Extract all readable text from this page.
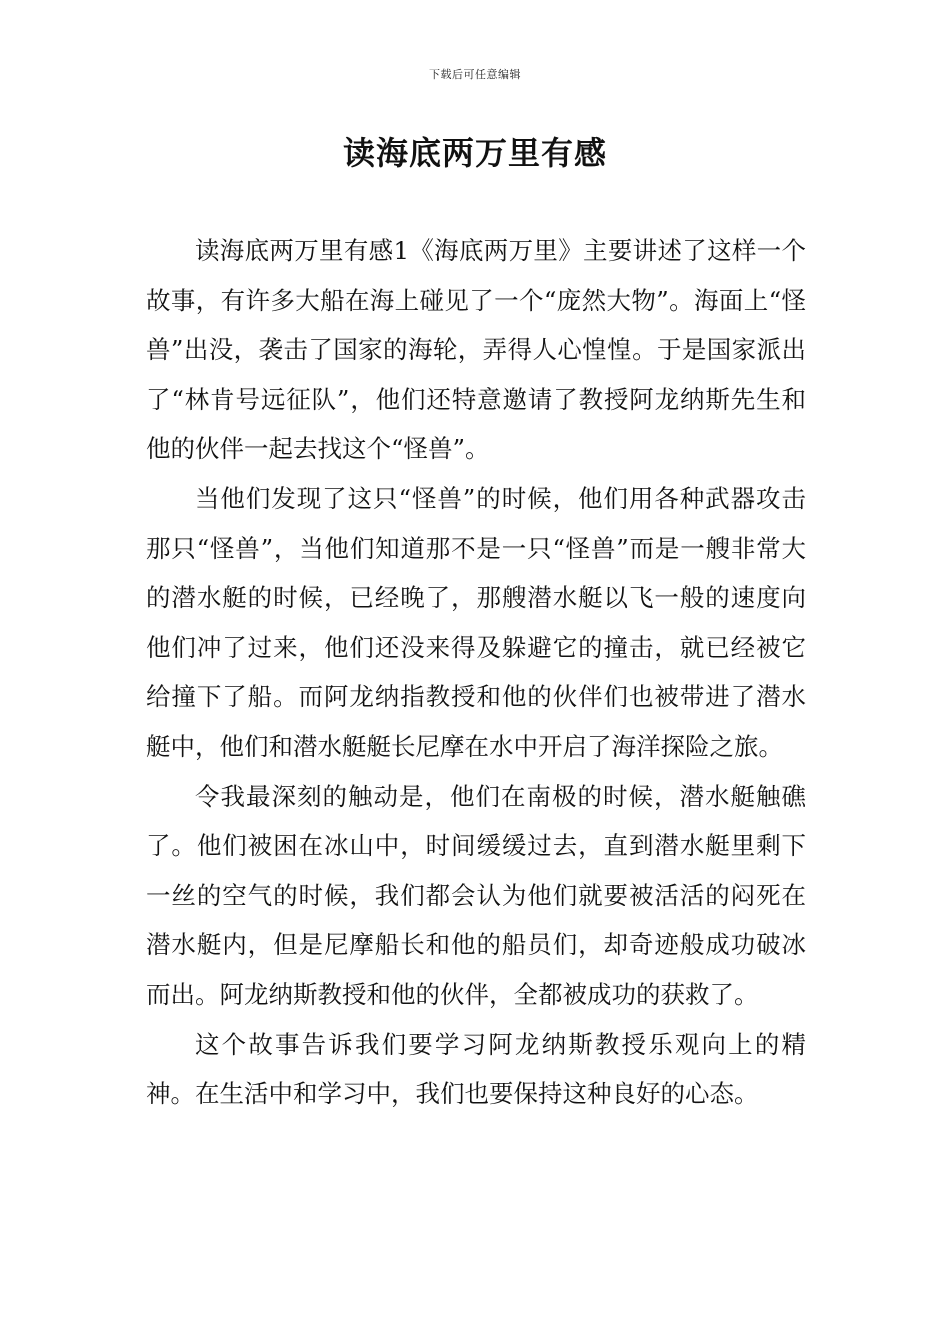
下载后可任意编辑
读海底两万里有感

读海底两万里有感1《海底两万里》主要讲述了这样一个故事，有许多大船在海上碰见了一个“庞然大物”。海面上“怪兽”出没，袭击了国家的海轮，弄得人心惶惶。于是国家派出了“林肯号远征队”，他们还特意邀请了教授阿龙纳斯先生和他的伙伴一起去找这个“怪兽”。

当他们发现了这只“怪兽”的时候，他们用各种武器攻击那只“怪兽”，当他们知道那不是一只“怪兽”而是一艘非常大的潜水艇的时候，已经晚了，那艘潜水艇以飞一般的速度向他们冲了过来，他们还没来得及躲避它的撞击，就已经被它给撞下了船。而阿龙纳指教授和他的伙伴们也被带进了潜水艇中，他们和潜水艇艇长尼摩在水中开启了海洋探险之旅。

令我最深刻的触动是，他们在南极的时候，潜水艇触礁了。他们被困在冰山中，时间缓缓过去，直到潜水艇里剩下一丝的空气的时候，我们都会认为他们就要被活活的闷死在潜水艇内，但是尼摩船长和他的船员们，却奇迹般成功破冰而出。阿龙纳斯教授和他的伙伴，全都被成功的获救了。

这个故事告诉我们要学习阿龙纳斯教授乐观向上的精神。在生活中和学习中，我们也要保持这种良好的心态。
